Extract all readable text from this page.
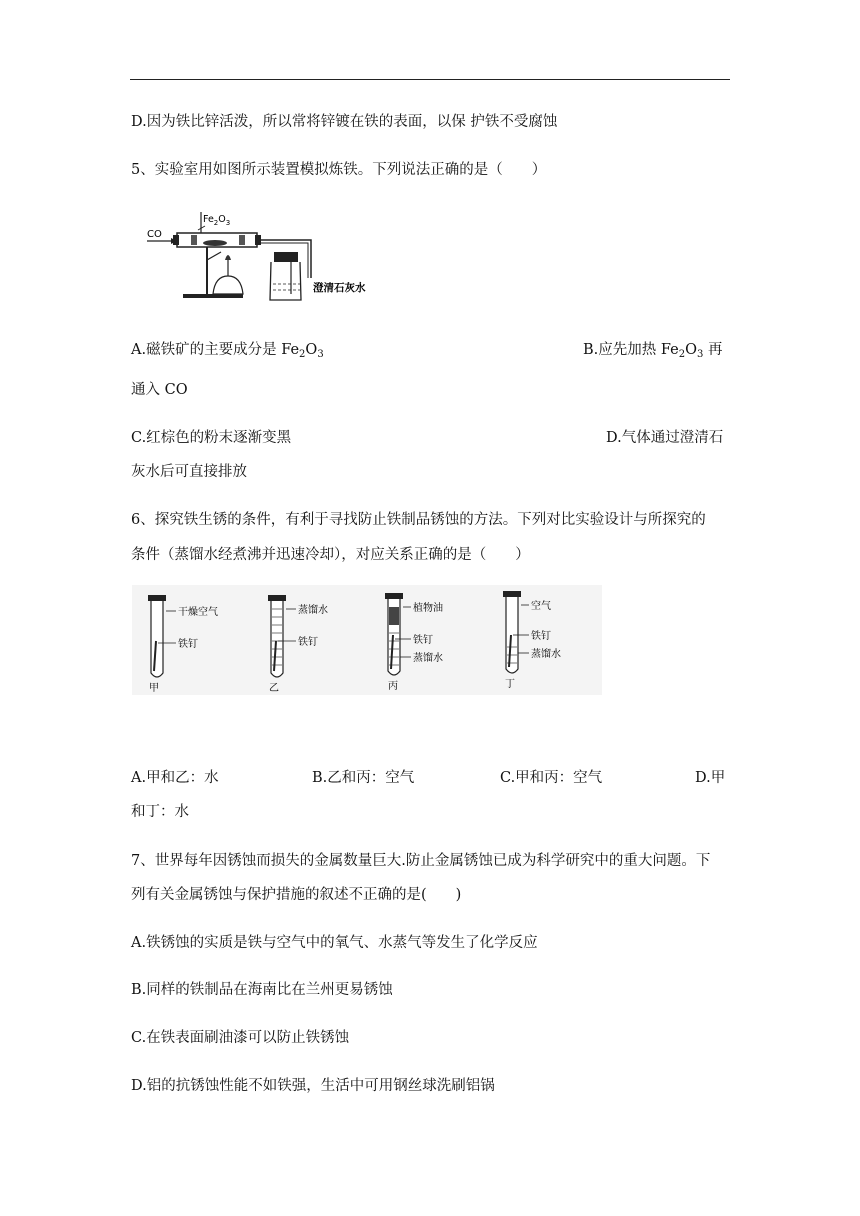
D.因为铁比锌活泼，所以常将锌镀在铁的表面，以保 护铁不受腐蚀
5、实验室用如图所示装置模拟炼铁。下列说法正确的是（　　）
CO
$Fe_2O_3$
澄清石灰水
A.磁铁矿的主要成分是 $Fe_2O_3$	B.应先加热 $Fe_2O_3$ 再
通入 CO
C.红棕色的粉末逐渐变黑	D.气体通过澄清石
灰水后可直接排放
6、探究铁生锈的条件，有利于寻找防止铁制品锈蚀的方法。下列对比实验设计与所探究的
条件（蒸馏水经煮沸并迅速冷却），对应关系正确的是（　　）
干燥空气
铁钉
甲
蒸馏水
铁钉
乙
植物油
铁钉
蒸馏水
丙
空气
铁钉
蒸馏水
丁
A.甲和乙：水	B.乙和丙：空气	C.甲和丙：空气	D.甲
和丁：水
7、世界每年因锈蚀而损失的金属数量巨大.防止金属锈蚀已成为科学研究中的重大问题。下
列有关金属锈蚀与保护措施的叙述不正确的是(　　)
A.铁锈蚀的实质是铁与空气中的氧气、水蒸气等发生了化学反应
B.同样的铁制品在海南比在兰州更易锈蚀
C.在铁表面刷油漆可以防止铁锈蚀
D.铝的抗锈蚀性能不如铁强，生活中可用钢丝球洗刷铝锅
